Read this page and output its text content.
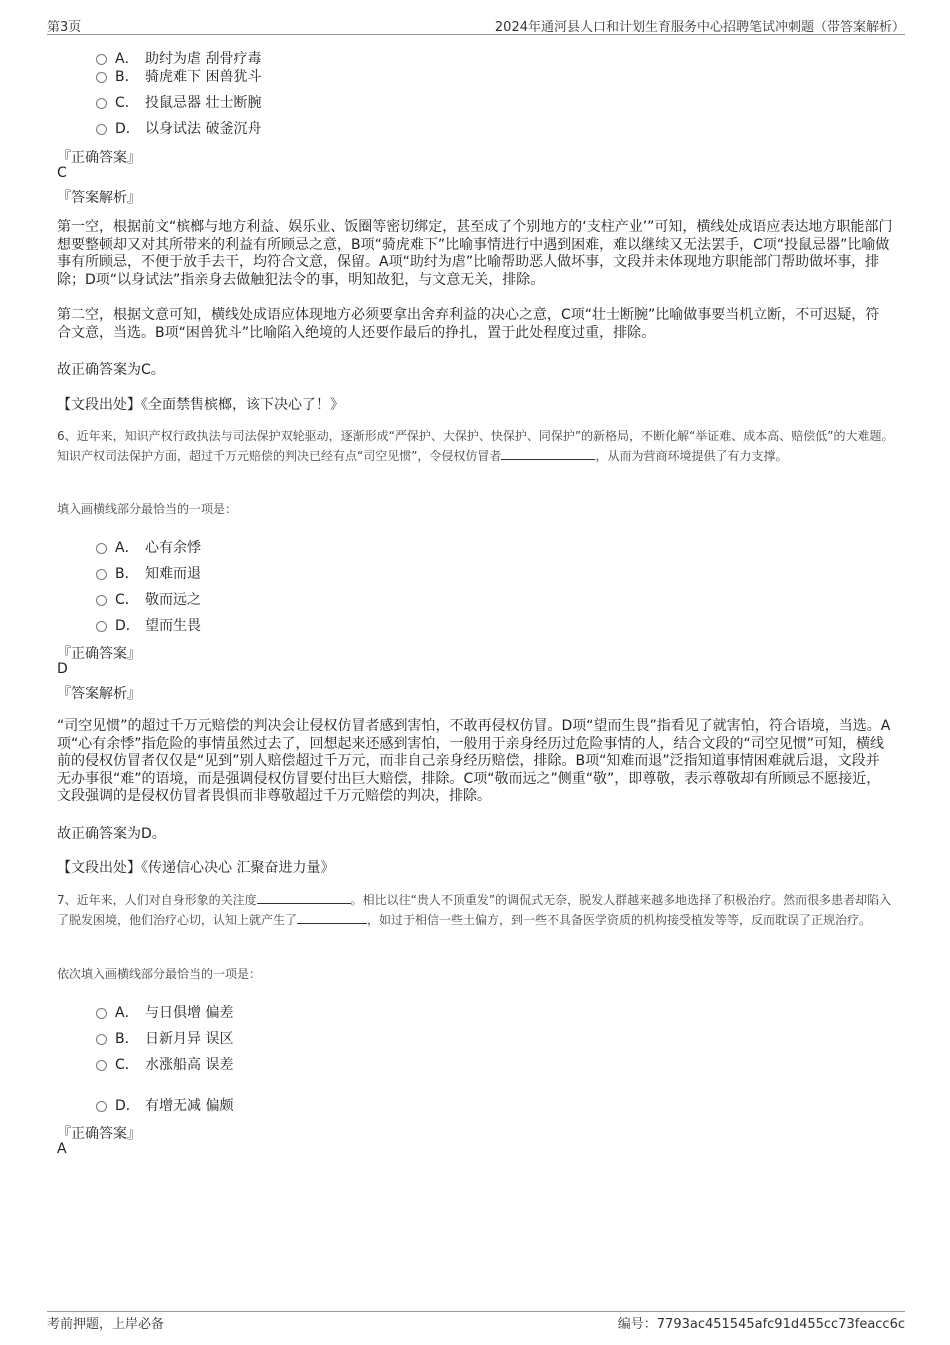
第3页	2024年通河县人口和计划生育服务中心招聘笔试冲刺题（带答案解析）
A． 助纣为虐 刮骨疗毒
B． 骑虎难下 困兽犹斗
C． 投鼠忌器 壮士断腕
D． 以身试法 破釜沉舟
『正确答案』
C
『答案解析』

第一空，根据前文“槟榔与地方利益、娱乐业、饭圈等密切绑定，甚至成了个别地方的‘支柱产业’”可知，横线处成语应表达地方职能部门想要整顿却又对其所带来的利益有所顾忌之意，B项“骑虎难下”比喻事情进行中遇到困难，难以继续又无法罢手，C项“投鼠忌器”比喻做事有所顾忌，不便于放手去干，均符合文意，保留。A项“助纣为虐”比喻帮助恶人做坏事，文段并未体现地方职能部门帮助做坏事，排除；D项“以身试法”指亲身去做触犯法令的事，明知故犯，与文意无关，排除。

第二空，根据文意可知，横线处成语应体现地方必须要拿出舍弃利益的决心之意，C项“壮士断腕”比喻做事要当机立断，不可迟疑，符合文意，当选。B项“困兽犹斗”比喻陷入绝境的人还要作最后的挣扎，置于此处程度过重，排除。

故正确答案为C。
【文段出处】《全面禁售槟榔，该下决心了！》

6、近年来，知识产权行政执法与司法保护双轮驱动，逐渐形成“严保护、大保护、快保护、同保护”的新格局，不断化解“举证难、成本高、赔偿低”的大难题。知识产权司法保护方面，超过千万元赔偿的判决已经有点“司空见惯”，令侵权仿冒者	，从而为营商环境提供了有力支撑。

填入画横线部分最恰当的一项是：
A． 心有余悸
B． 知难而退
C． 敬而远之
D． 望而生畏
『正确答案』
D
『答案解析』

“司空见惯”的超过千万元赔偿的判决会让侵权仿冒者感到害怕，不敢再侵权仿冒。D项“望而生畏”指看见了就害怕，符合语境，当选。A项“心有余悸”指危险的事情虽然过去了，回想起来还感到害怕，一般用于亲身经历过危险事情的人，结合文段的“司空见惯”可知，横线前的侵权仿冒者仅仅是“见到”别人赔偿超过千万元，而非自己亲身经历赔偿，排除。B项“知难而退”泛指知道事情困难就后退，文段并无办事很“难”的语境，而是强调侵权仿冒要付出巨大赔偿，排除。C项“敬而远之”侧重“敬”，即尊敬，表示尊敬却有所顾忌不愿接近，文段强调的是侵权仿冒者畏惧而非尊敬超过千万元赔偿的判决，排除。

故正确答案为D。
【文段出处】《传递信心决心 汇聚奋进力量》

7、近年来，人们对自身形象的关注度	。相比以往“贵人不顶重发”的调侃式无奈，脱发人群越来越多地选择了积极治疗。然而很多患者却陷入了脱发困境，他们治疗心切，认知上就产生了	，如过于相信一些土偏方，到一些不具备医学资质的机构接受植发等等，反而耽误了正规治疗。

依次填入画横线部分最恰当的一项是：
A． 与日俱增 偏差
B． 日新月异 误区
C． 水涨船高 误差
D． 有增无减 偏颇
『正确答案』
A
考前押题，上岸必备	编号：7793ac451545afc91d455cc73feacc6c
